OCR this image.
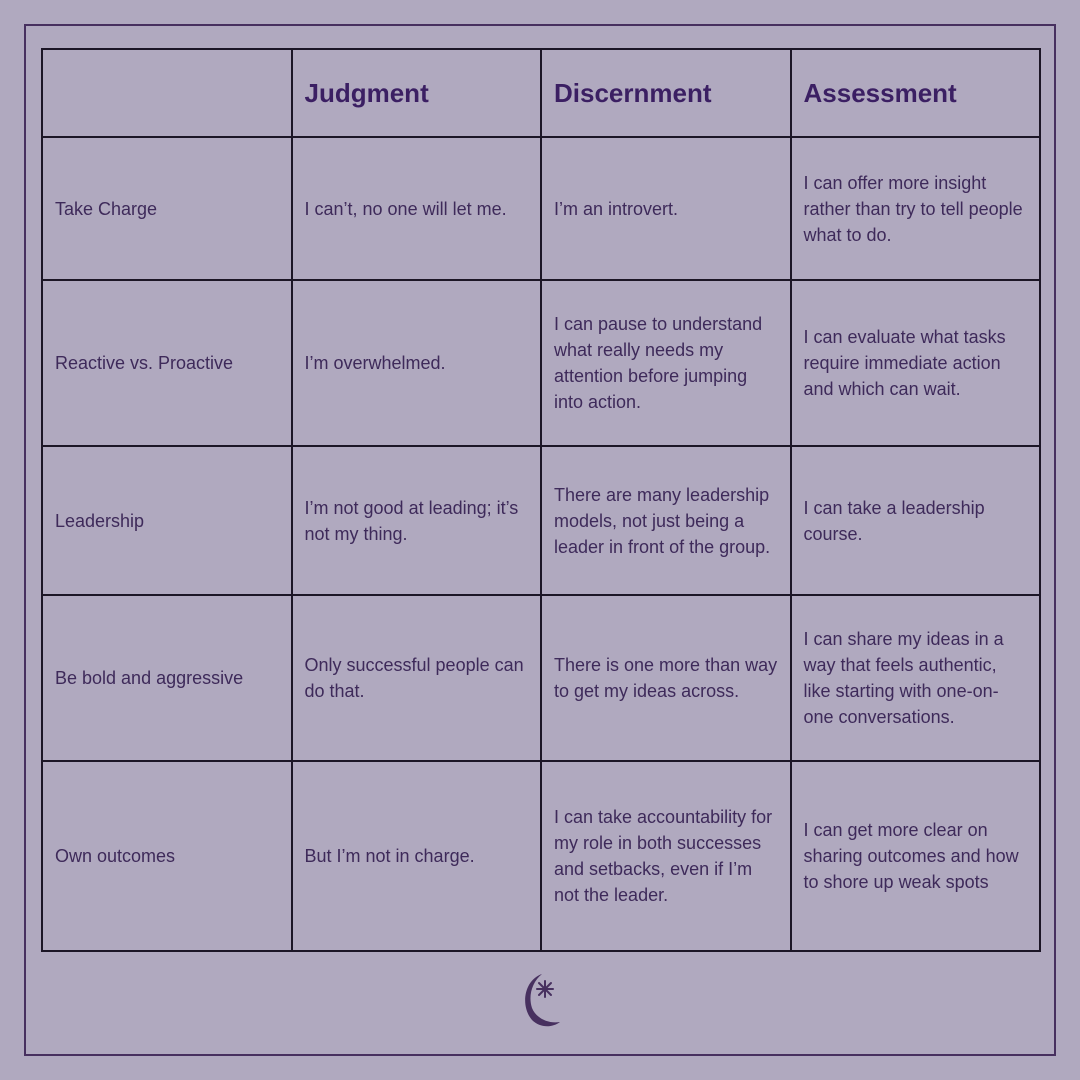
	Judgment	Discernment	Assessment
Take Charge	I can’t, no one will let me.	I’m an introvert.	I can offer more insight rather than try to tell people what to do.
Reactive vs. Proactive	I’m overwhelmed.	I can pause to understand what really needs my attention before jumping into action.	I can evaluate what tasks require immediate action and which can wait.
Leadership	I’m not good at leading; it’s not my thing.	There are many leadership models, not just being a leader in front of the group.	I can take a leadership course.
Be bold and aggressive	Only successful people can do that.	There is one more than way to get my ideas across.	I can share my ideas in a way that feels authentic, like starting with one-on-one conversations.
Own outcomes	But I’m not in charge.	I can take accountability for my role in both successes and setbacks, even if I’m not the leader.	I can get more clear on sharing outcomes and how to shore up weak spots
